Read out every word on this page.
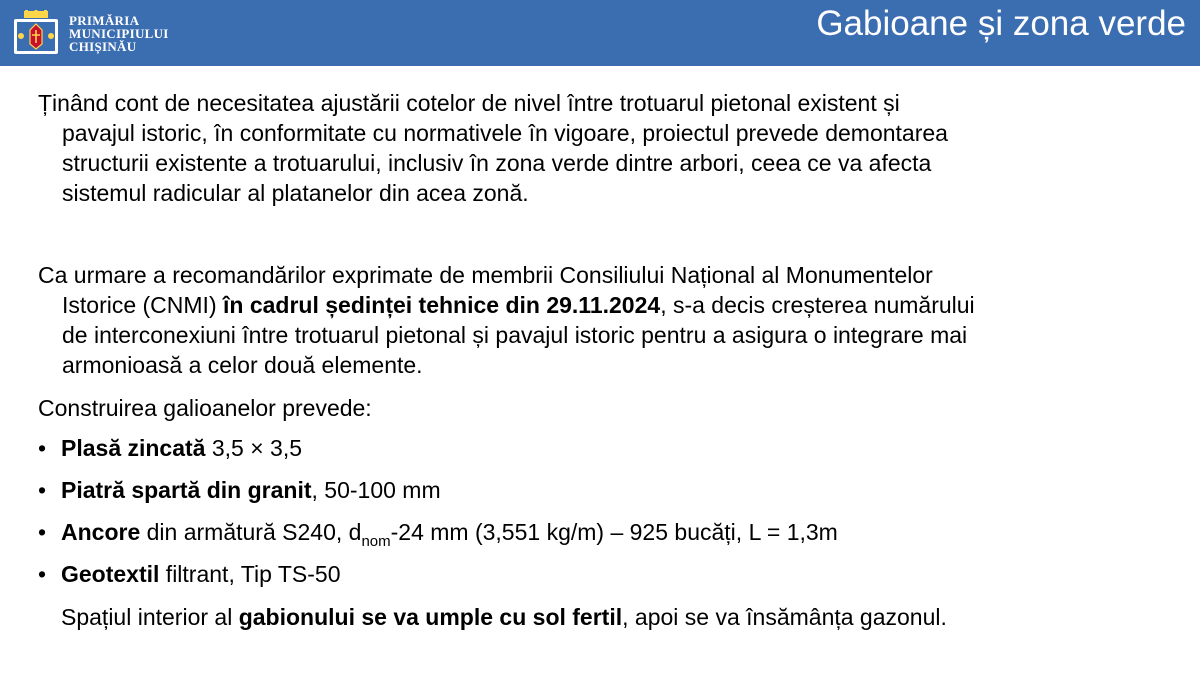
PRIMĂRIA
MUNICIPIULUI
CHIȘINĂU
Gabioane și zona verde
Ținând cont de necesitatea ajustării cotelor de nivel între trotuarul pietonal existent și
pavajul istoric, în conformitate cu normativele în vigoare, proiectul prevede demontarea
structurii existente a trotuarului, inclusiv în zona verde dintre arbori, ceea ce va afecta
sistemul radicular al platanelor din acea zonă.
Ca urmare a recomandărilor exprimate de membrii Consiliului Național al Monumentelor
Istorice (CNMI) în cadrul ședinței tehnice din 29.11.2024, s-a decis creșterea numărului
de interconexiuni între trotuarul pietonal și pavajul istoric pentru a asigura o integrare mai
armonioasă a celor două elemente.
Construirea galioanelor prevede:
• Plasă zincată 3,5 × 3,5
• Piatră spartă din granit, 50-100 mm
• Ancore din armătură S240, $d_{nom}-24$ mm (3,551 kg/m) – 925 bucăți, L = 1,3m
• Geotextil filtrant, Tip TS-50
Spațiul interior al gabionului se va umple cu sol fertil, apoi se va însămânța gazonul.
